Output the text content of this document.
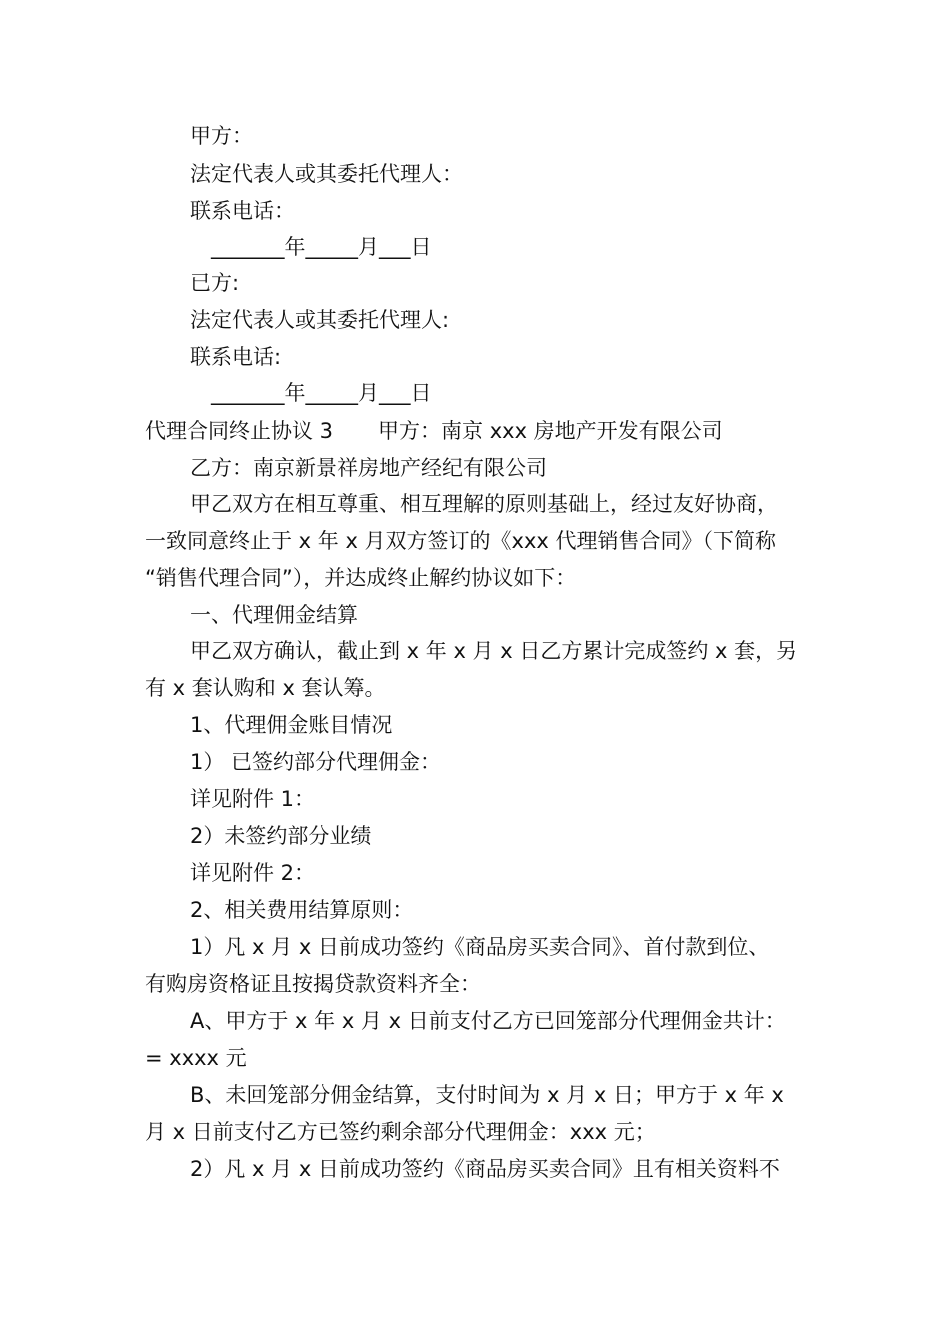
甲方：
法定代表人或其委托代理人：
联系电话：
_______年_____月___日
已方:
法定代表人或其委托代理人:
联系电话:
_______年_____月___日
代理合同终止协议 3 甲方：南京 xxx 房地产开发有限公司
乙方：南京新景祥房地产经纪有限公司
甲乙双方在相互尊重、相互理解的原则基础上，经过友好协商，
一致同意终止于 x 年 x 月双方签订的《xxx 代理销售合同》（下简称
“销售代理合同”），并达成终止解约协议如下：
一、代理佣金结算
甲乙双方确认，截止到 x 年 x 月 x 日乙方累计完成签约 x 套，另
有 x 套认购和 x 套认筹。
1、代理佣金账目情况
1） 已签约部分代理佣金：
详见附件 1：
2）未签约部分业绩
详见附件 2：
2、相关费用结算原则：
1）凡 x 月 x 日前成功签约《商品房买卖合同》、首付款到位、
有购房资格证且按揭贷款资料齐全：
A、甲方于 x 年 x 月 x 日前支付乙方已回笼部分代理佣金共计：
= xxxx 元
B、未回笼部分佣金结算，支付时间为 x 月 x 日；甲方于 x 年 x
月 x 日前支付乙方已签约剩余部分代理佣金：xxx 元；
2）凡 x 月 x 日前成功签约《商品房买卖合同》且有相关资料不
